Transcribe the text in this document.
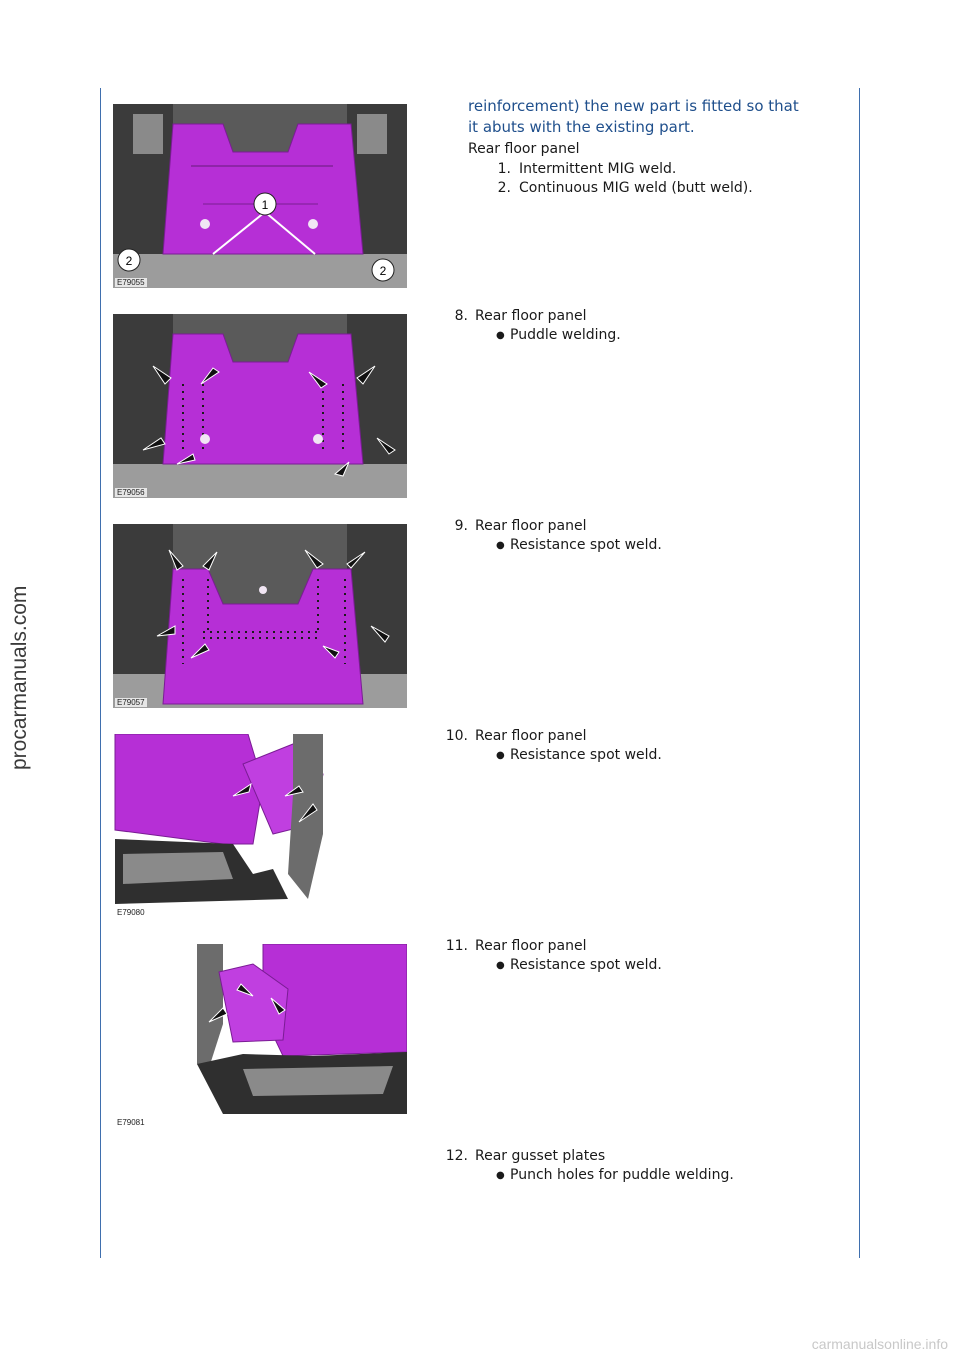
procarmanuals.com
carmanualsonline.info
1
2
2
E79055
E79056
E79057
E79080
E79081
reinforcement) the new part is fitted so that
it abuts with the existing part.
Rear floor panel
1. Intermittent MIG weld.
2. Continuous MIG weld (butt weld).
8. Rear floor panel
● Puddle welding.
9. Rear floor panel
● Resistance spot weld.
10. Rear floor panel
● Resistance spot weld.
11. Rear floor panel
● Resistance spot weld.
12. Rear gusset plates
● Punch holes for puddle welding.
